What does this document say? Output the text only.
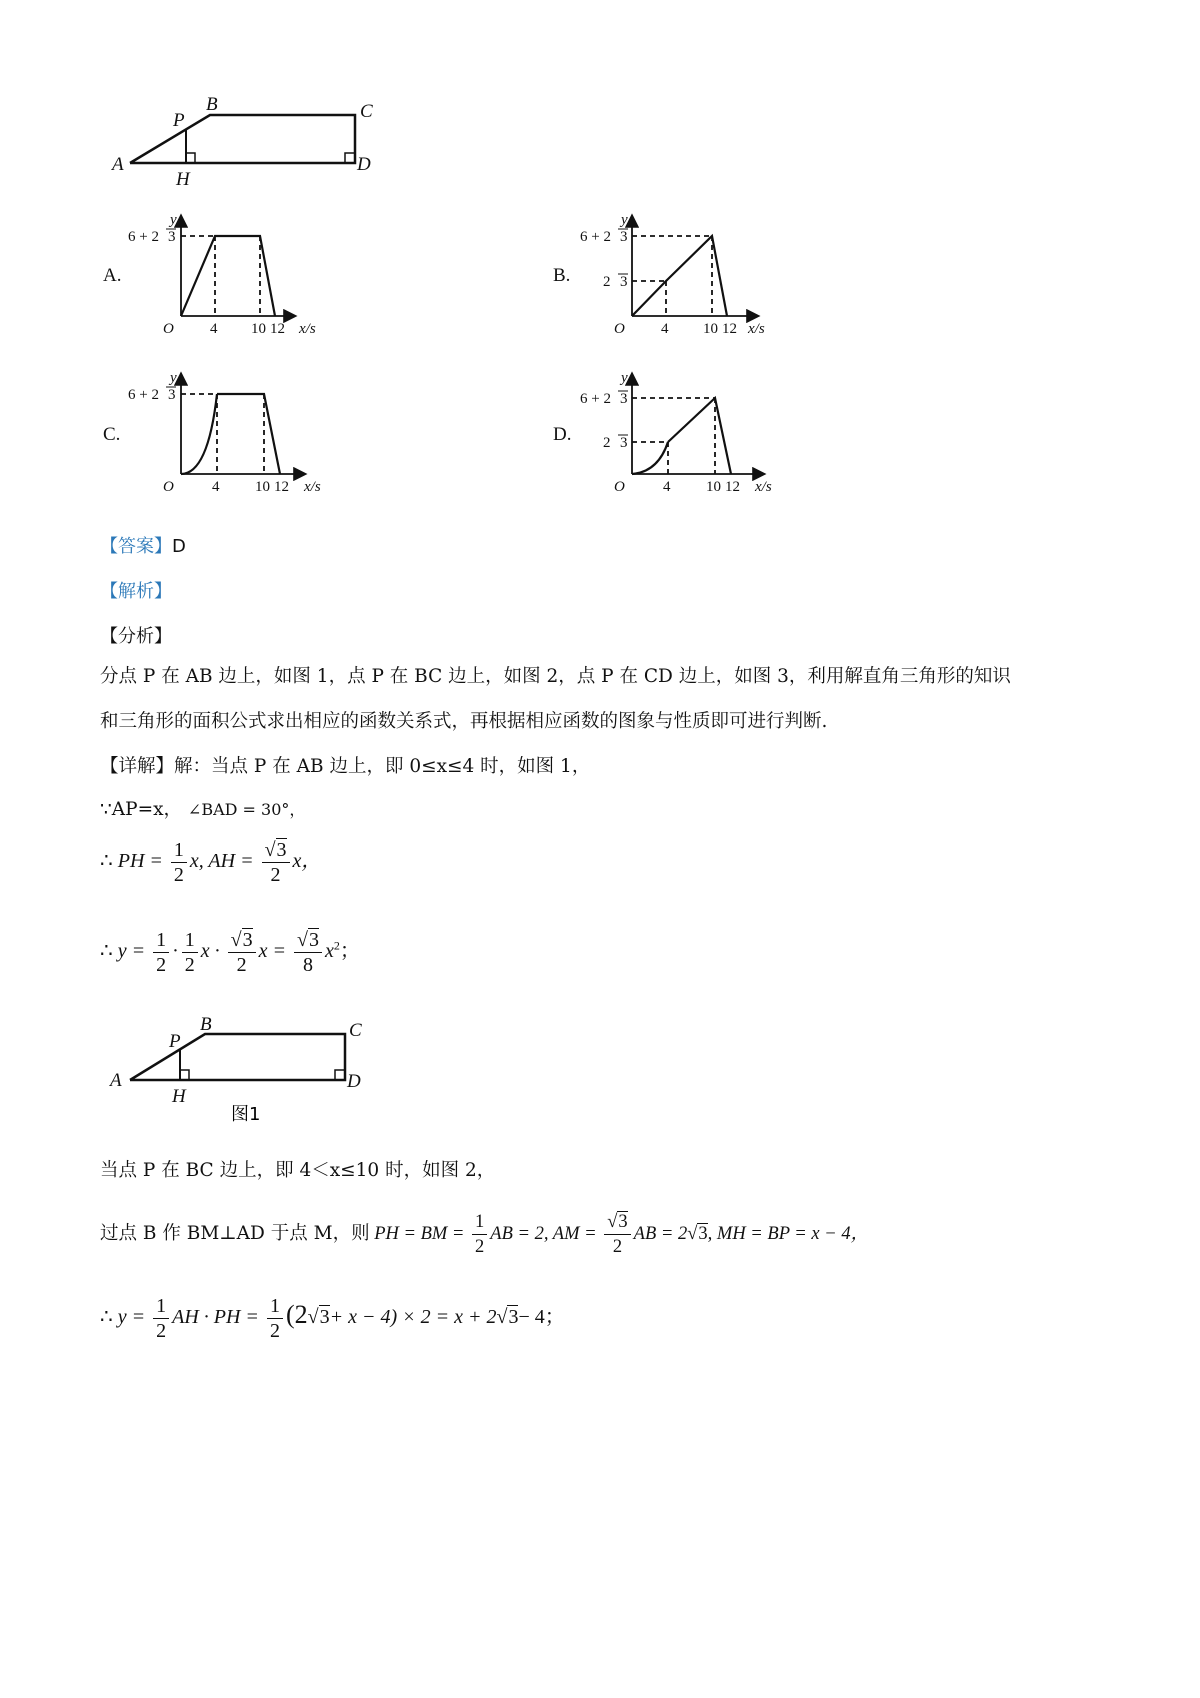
A
B	C
D
P
H
A.
y
6 + 2 3
O 4 10 12 x/s
B.
y
6 + 2 3
2 3
O 4 10 12 x/s
C.
y
6 + 2 3
O	4 10 12 x/s
D.
y
6 + 2 3
2 3
O	4 10 12 x/s
【答案】D
【解析】
【分析】
分点 P 在 AB 边上，如图 1，点 P 在 BC 边上，如图 2，点 P 在 CD 边上，如图 3，利用解直角三角形的知识
和三角形的面积公式求出相应的函数关系式，再根据相应函数的图象与性质即可进行判断.
【详解】解：当点 P 在 AB 边上，即 0≤x≤4 时，如图 1，
∵AP=x， ∠BAD = 30°，
∴ PH = $\frac{1}{2} x$, AH = $\frac{√3}{2}$ x，
∴ $y = \frac{1}{2} \cdot \frac{1}{2}$ $x \cdot \frac{√3}{2}$ $x = \frac{√3}{8} x^2$；
A
B	C
D
P
H
图1
当点 P 在 BC 边上，即 4＜x≤10 时，如图 2，
过点 B 作 BM⊥AD 于点 M，则 PH = BM = $\frac{1}{2}$ AB = 2, AM = $\frac{√3}{2}$ AB = 2√3, MH = BP = x − 4，
∴ $y = \frac{1}{2}$ AH · PH = $\frac{1}{2} (2√3+ x - 4) \times 2 = x + 2√3- 4$；
